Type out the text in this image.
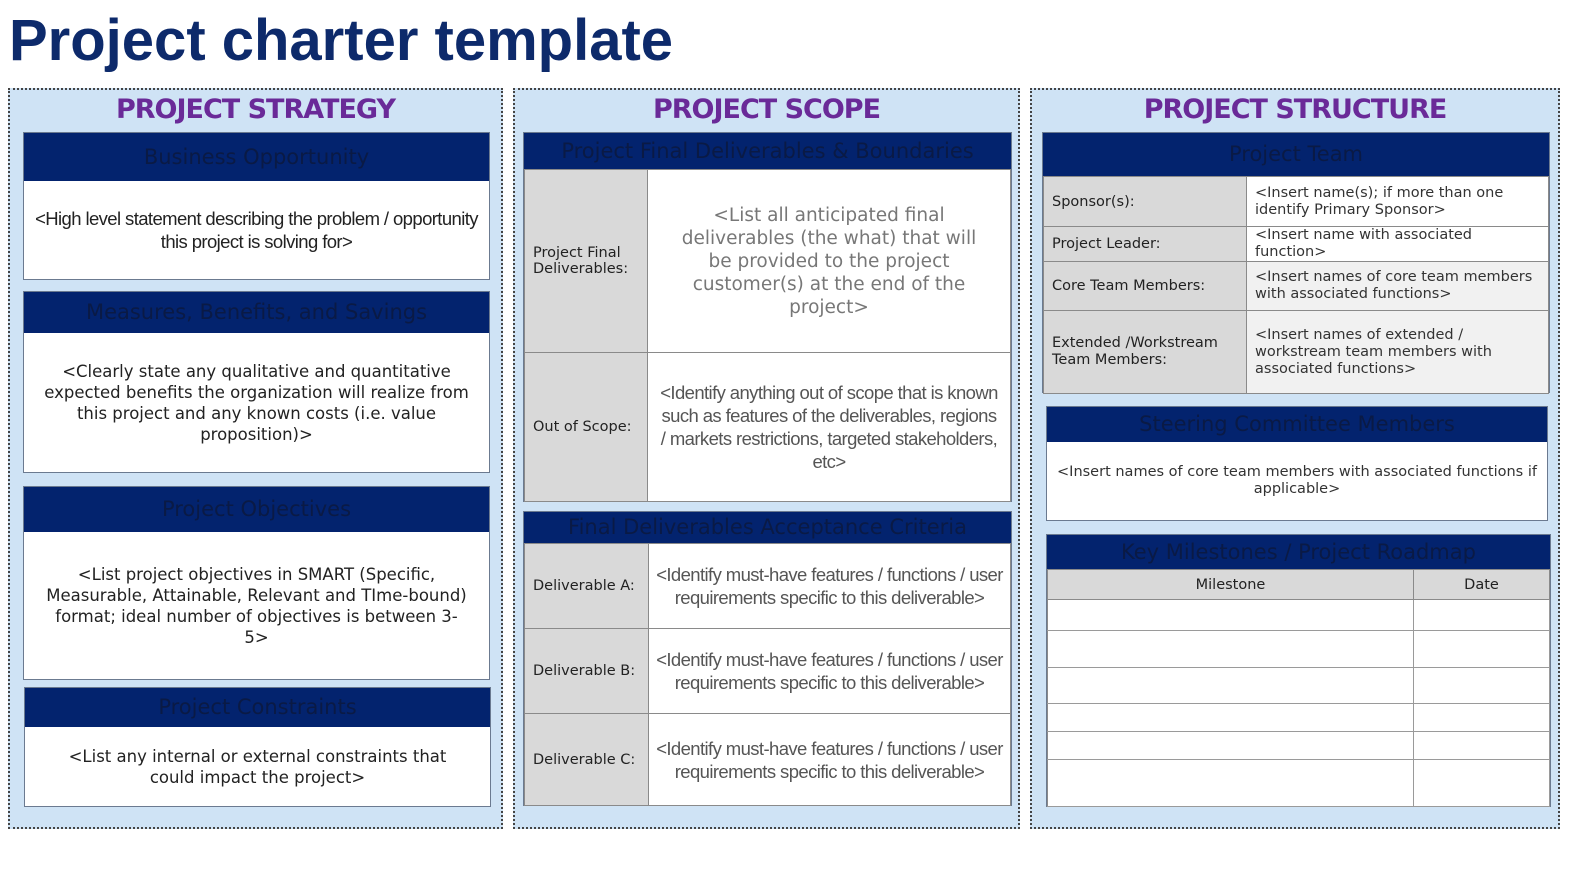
Project charter template
PROJECT STRATEGY
Business Opportunity
<High level statement describing the problem / opportunity this project is solving for>
Measures, Benefits, and Savings
<Clearly state any qualitative and quantitative expected benefits the organization will realize from this project and any known costs (i.e. value proposition)>
Project Objectives
<List project objectives in SMART (Specific, Measurable, Attainable, Relevant and TIme-bound) format; ideal number of objectives is between 3-5>
Project Constraints
<List any internal or external constraints that could impact the project>
PROJECT SCOPE
Project Final Deliverables & Boundaries
Project Final Deliverables:	<List all anticipated final deliverables (the what) that will be provided to the project customer(s) at the end of the project>
Out of Scope:	<Identify anything out of scope that is known such as features of the deliverables, regions / markets restrictions, targeted stakeholders, etc>
Final Deliverables Acceptance Criteria
Deliverable A:	<Identify must-have features / functions / user requirements specific to this deliverable>
Deliverable B:	<Identify must-have features / functions / user requirements specific to this deliverable>
Deliverable C:	<Identify must-have features / functions / user requirements specific to this deliverable>
PROJECT STRUCTURE
Project Team
Sponsor(s):	<Insert name(s); if more than one identify Primary Sponsor>
Project Leader:	<Insert name with associated function>
Core Team Members:	<Insert names of core team members with associated functions>
Extended /Workstream Team Members:	<Insert names of extended / workstream team members with associated functions>
Steering Committee Members
<Insert names of core team members with associated functions if applicable>
Key Milestones / Project Roadmap
Milestone	Date
